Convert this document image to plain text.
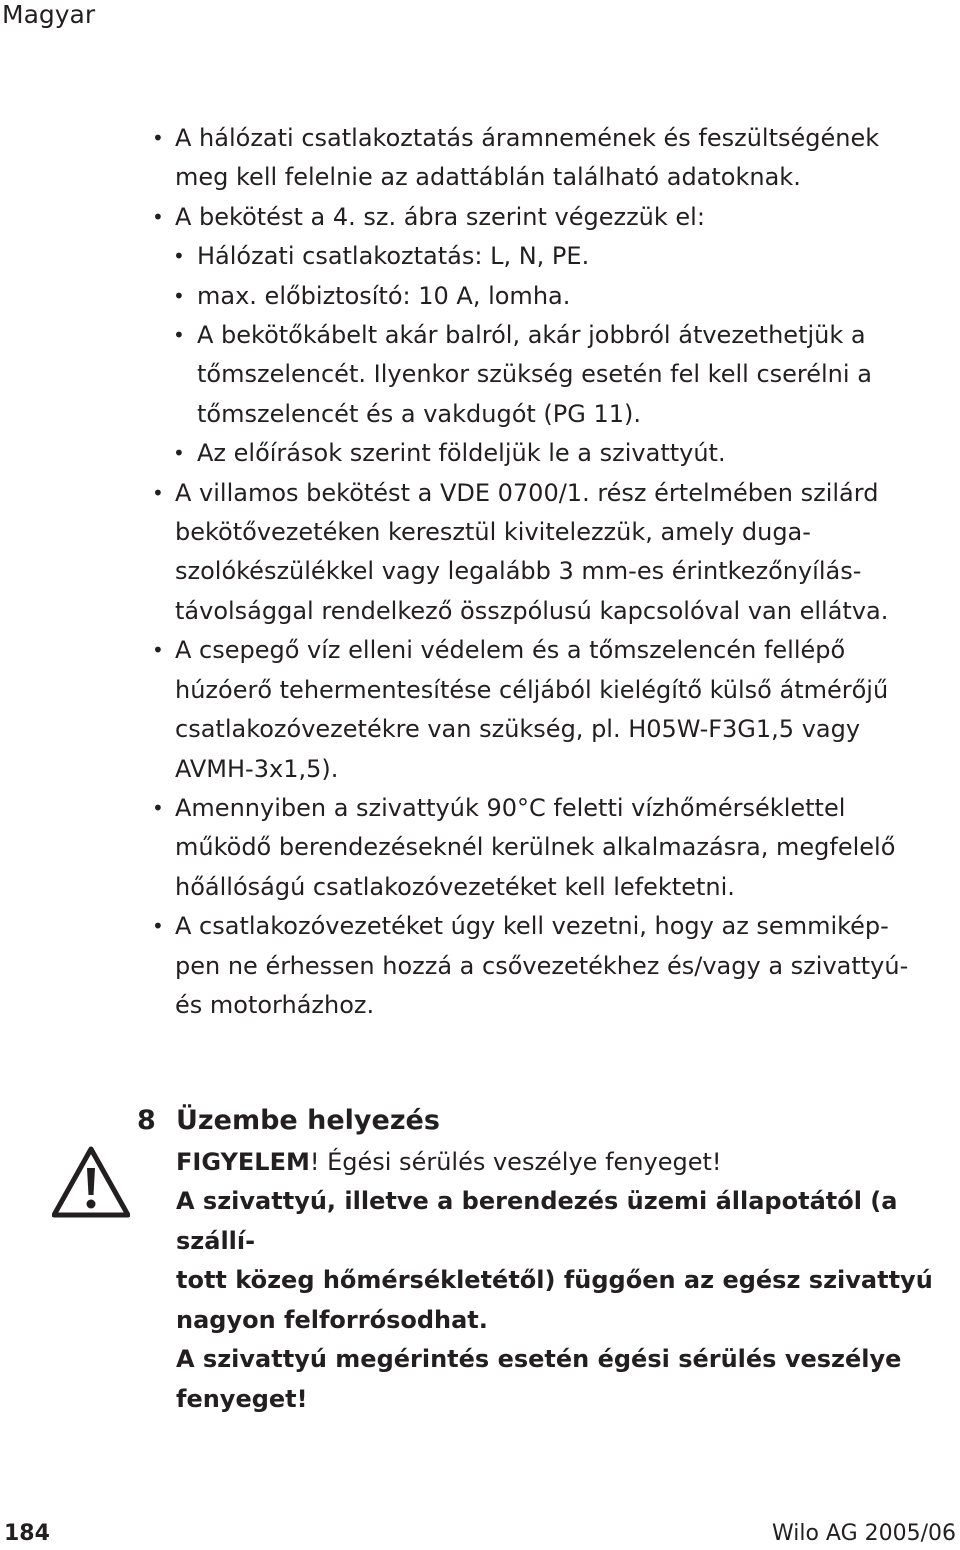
Magyar
• A hálózati csatlakoztatás áramnemének és feszültségének
meg kell felelnie az adattáblán található adatoknak.
• A bekötést a 4. sz. ábra szerint végezzük el:
• Hálózati csatlakoztatás: L, N, PE.
• max. előbiztosító: 10 A, lomha.
• A bekötőkábelt akár balról, akár jobbról átvezethetjük a
tőmszelencét. Ilyenkor szükség esetén fel kell cserélni a
tőmszelencét és a vakdugót (PG 11).
• Az előírások szerint földeljük le a szivattyút.
• A villamos bekötést a VDE 0700/1. rész értelmében szilárd
bekötővezetéken keresztül kivitelezzük, amely duga-
szolókészülékkel vagy legalább 3 mm-es érintkezőnyílás-
távolsággal rendelkező összpólusú kapcsolóval van ellátva.
• A csepegő víz elleni védelem és a tőmszelencén fellépő
húzóerő tehermentesítése céljából kielégítő külső átmérőjű
csatlakozóvezetékre van szükség, pl. H05W-F3G1,5 vagy
AVMH-3x1,5).
• Amennyiben a szivattyúk 90°C feletti vízhőmérséklettel
működő berendezéseknél kerülnek alkalmazásra, megfelelő
hőállóságú csatlakozóvezetéket kell lefektetni.
• A csatlakozóvezetéket úgy kell vezetni, hogy az semmikép-
pen ne érhessen hozzá a csővezetékhez és/vagy a szivattyú-
és motorházhoz.
8 Üzembe helyezés
FIGYELEM! Égési sérülés veszélye fenyeget!

A szivattyú, illetve a berendezés üzemi állapotától (a szállí-
tott közeg hőmérsékletétől) függően az egész szivattyú
nagyon felforrósodhat.

A szivattyú megérintés esetén égési sérülés veszélye
fenyeget!

184	Wilo AG 2005/06
